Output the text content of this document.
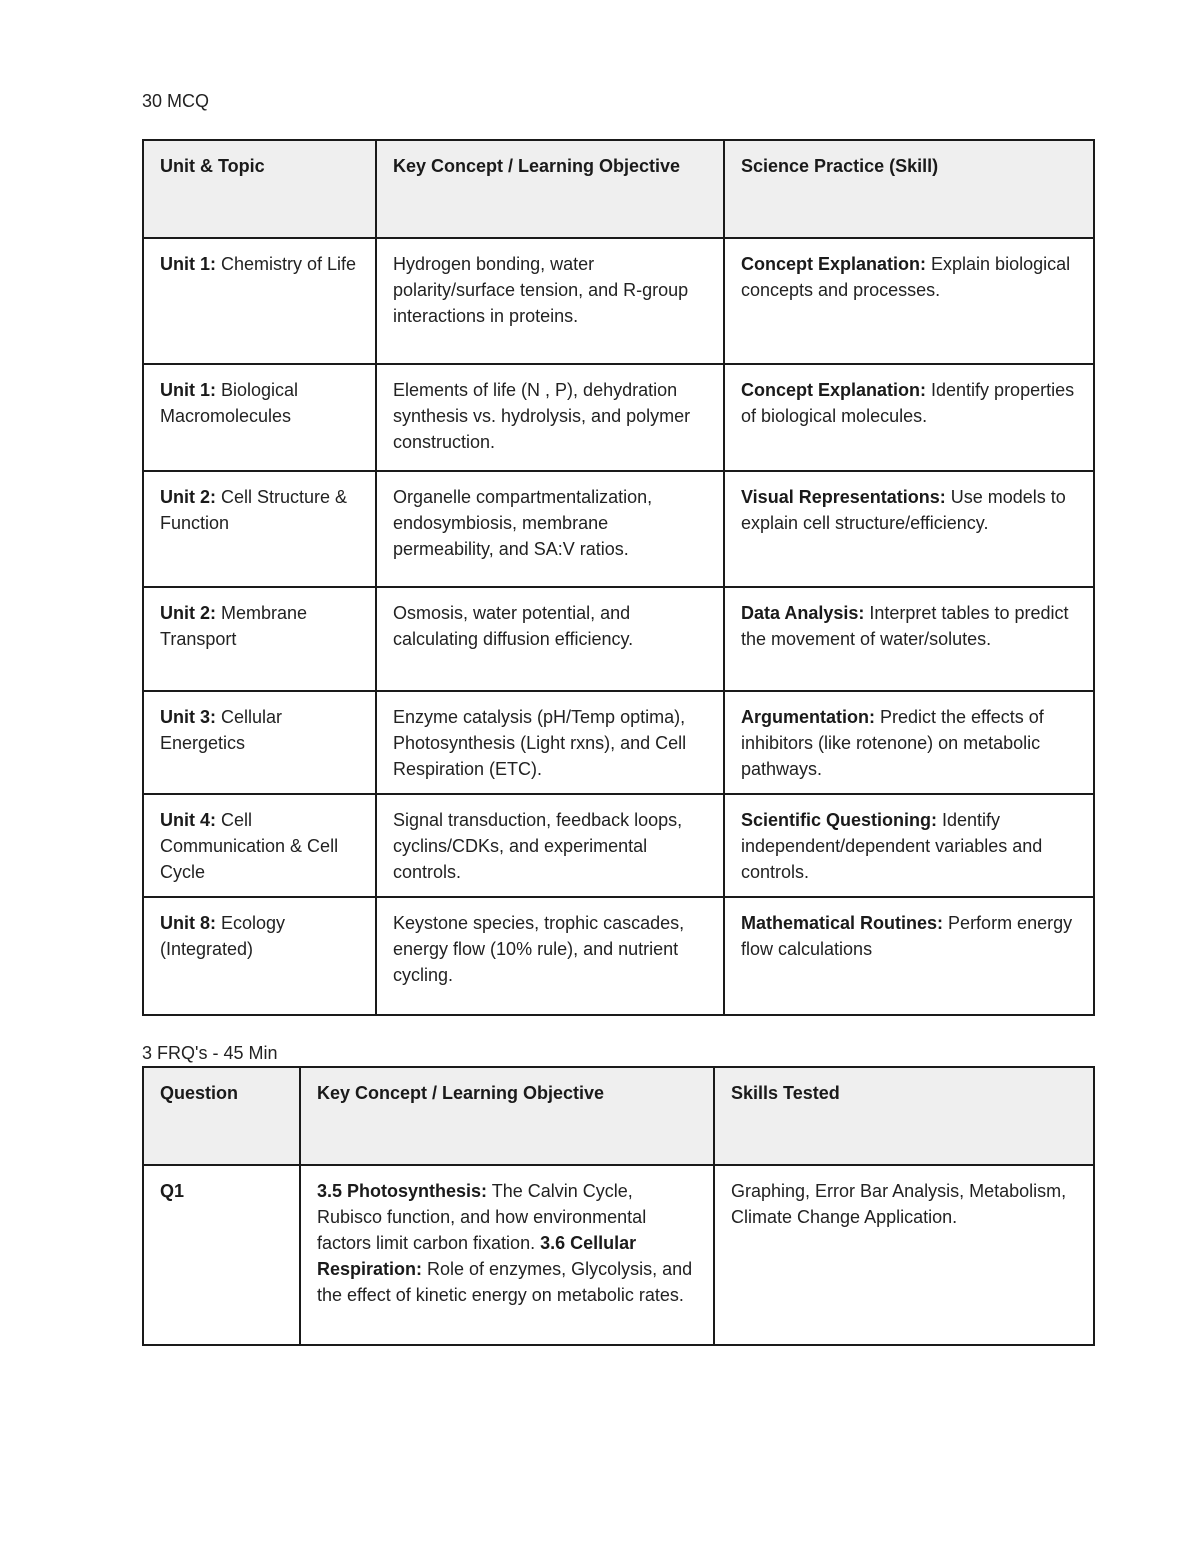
30 MCQ
Unit & Topic	Key Concept / Learning Objective	Science Practice (Skill)
Unit 1: Chemistry of Life	Hydrogen bonding, water polarity/surface tension, and R-group interactions in proteins.	Concept Explanation: Explain biological concepts and processes.
Unit 1: Biological Macromolecules	Elements of life (N , P), dehydration synthesis vs. hydrolysis, and polymer construction.	Concept Explanation: Identify properties of biological molecules.
Unit 2: Cell Structure & Function	Organelle compartmentalization, endosymbiosis, membrane permeability, and SA:V ratios.	Visual Representations: Use models to explain cell structure/efficiency.
Unit 2: Membrane Transport	Osmosis, water potential, and calculating diffusion efficiency.	Data Analysis: Interpret tables to predict the movement of water/solutes.
Unit 3: Cellular Energetics	Enzyme catalysis (pH/Temp optima), Photosynthesis (Light rxns), and Cell Respiration (ETC).	Argumentation: Predict the effects of inhibitors (like rotenone) on metabolic pathways.
Unit 4: Cell Communication & Cell Cycle	Signal transduction, feedback loops, cyclins/CDKs, and experimental controls.	Scientific Questioning: Identify independent/dependent variables and controls.
Unit 8: Ecology (Integrated)	Keystone species, trophic cascades, energy flow (10% rule), and nutrient cycling.	Mathematical Routines: Perform energy flow calculations
3 FRQ's - 45 Min
Question	Key Concept / Learning Objective	Skills Tested
Q1	3.5 Photosynthesis: The Calvin Cycle, Rubisco function, and how environmental factors limit carbon fixation. 3.6 Cellular Respiration: Role of enzymes, Glycolysis, and the effect of kinetic energy on metabolic rates.	Graphing, Error Bar Analysis, Metabolism, Climate Change Application.
